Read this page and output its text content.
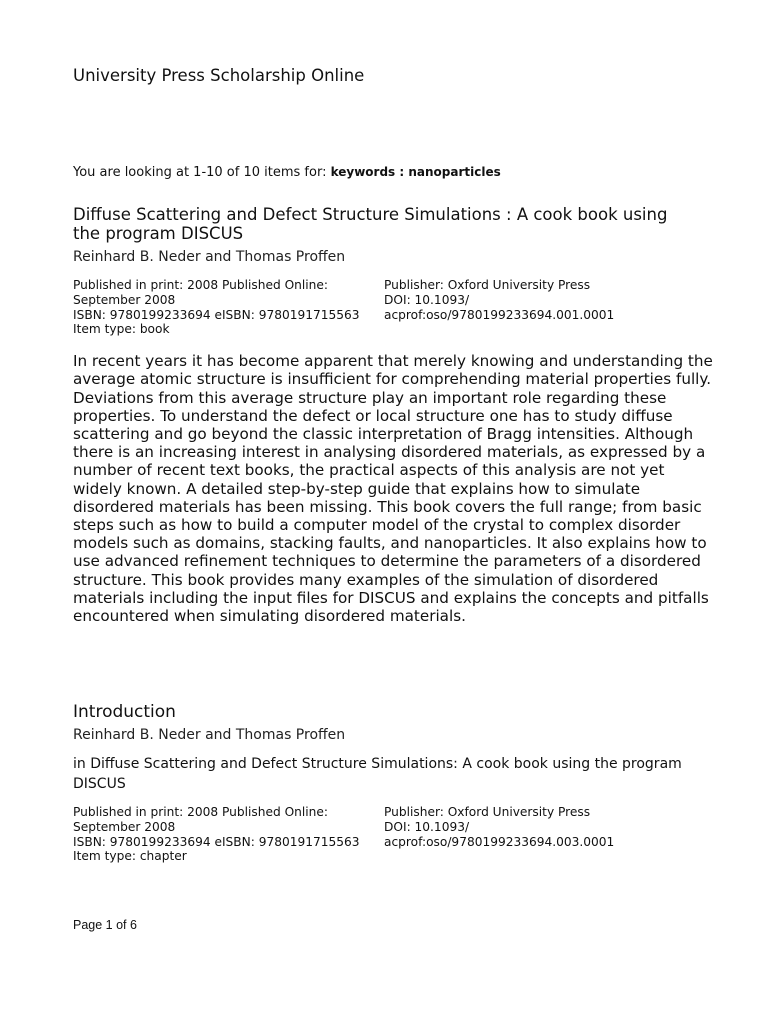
University Press Scholarship Online
You are looking at 1-10 of 10 items for: keywords : nanoparticles
Diffuse Scattering and Defect Structure Simulations : A cook book using the program DISCUS
Reinhard B. Neder and Thomas Proffen
Published in print: 2008 Published Online:
September 2008
ISBN: 9780199233694 eISBN: 9780191715563
Item type: book
Publisher: Oxford University Press
DOI: 10.1093/
acprof:oso/9780199233694.001.0001
In recent years it has become apparent that merely knowing and understanding the average atomic structure is insufficient for comprehending material properties fully. Deviations from this average structure play an important role regarding these properties. To understand the defect or local structure one has to study diffuse scattering and go beyond the classic interpretation of Bragg intensities. Although there is an increasing interest in analysing disordered materials, as expressed by a number of recent text books, the practical aspects of this analysis are not yet widely known. A detailed step-by-step guide that explains how to simulate disordered materials has been missing. This book covers the full range; from basic steps such as how to build a computer model of the crystal to complex disorder models such as domains, stacking faults, and nanoparticles. It also explains how to use advanced refinement techniques to determine the parameters of a disordered structure. This book provides many examples of the simulation of disordered materials including the input files for DISCUS and explains the concepts and pitfalls encountered when simulating disordered materials.
Introduction
Reinhard B. Neder and Thomas Proffen
in Diffuse Scattering and Defect Structure Simulations: A cook book using the program DISCUS
Published in print: 2008 Published Online:
September 2008
ISBN: 9780199233694 eISBN: 9780191715563
Item type: chapter
Publisher: Oxford University Press
DOI: 10.1093/
acprof:oso/9780199233694.003.0001
Page 1 of 6
